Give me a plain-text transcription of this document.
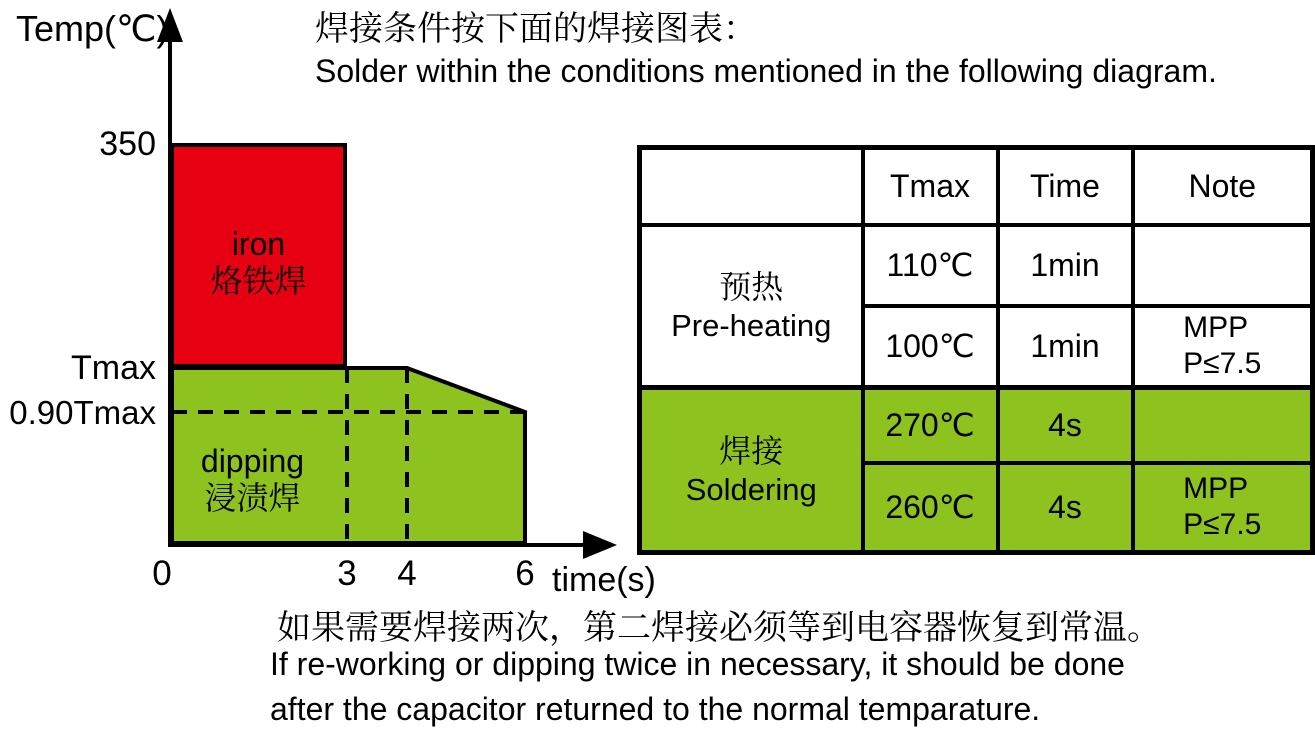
焊接条件按下面的焊接图表：
Solder within the conditions mentioned in the following diagram.
Temp(℃)
350
Tmax
0.90Tmax
iron
烙铁焊
dipping
浸渍焊
0	3	4	6 time(s)
	Tmax	Time	Note

预热
Pre-heating	110℃	1min	
	100℃	1min	MPP
P≤7.5

焊接
Soldering	270℃	4s	
	260℃	4s	MPP
P≤7.5
如果需要焊接两次，第二焊接必须等到电容器恢复到常温。
If re-working or dipping twice in necessary, it should be done
after the capacitor returned to the normal temparature.
